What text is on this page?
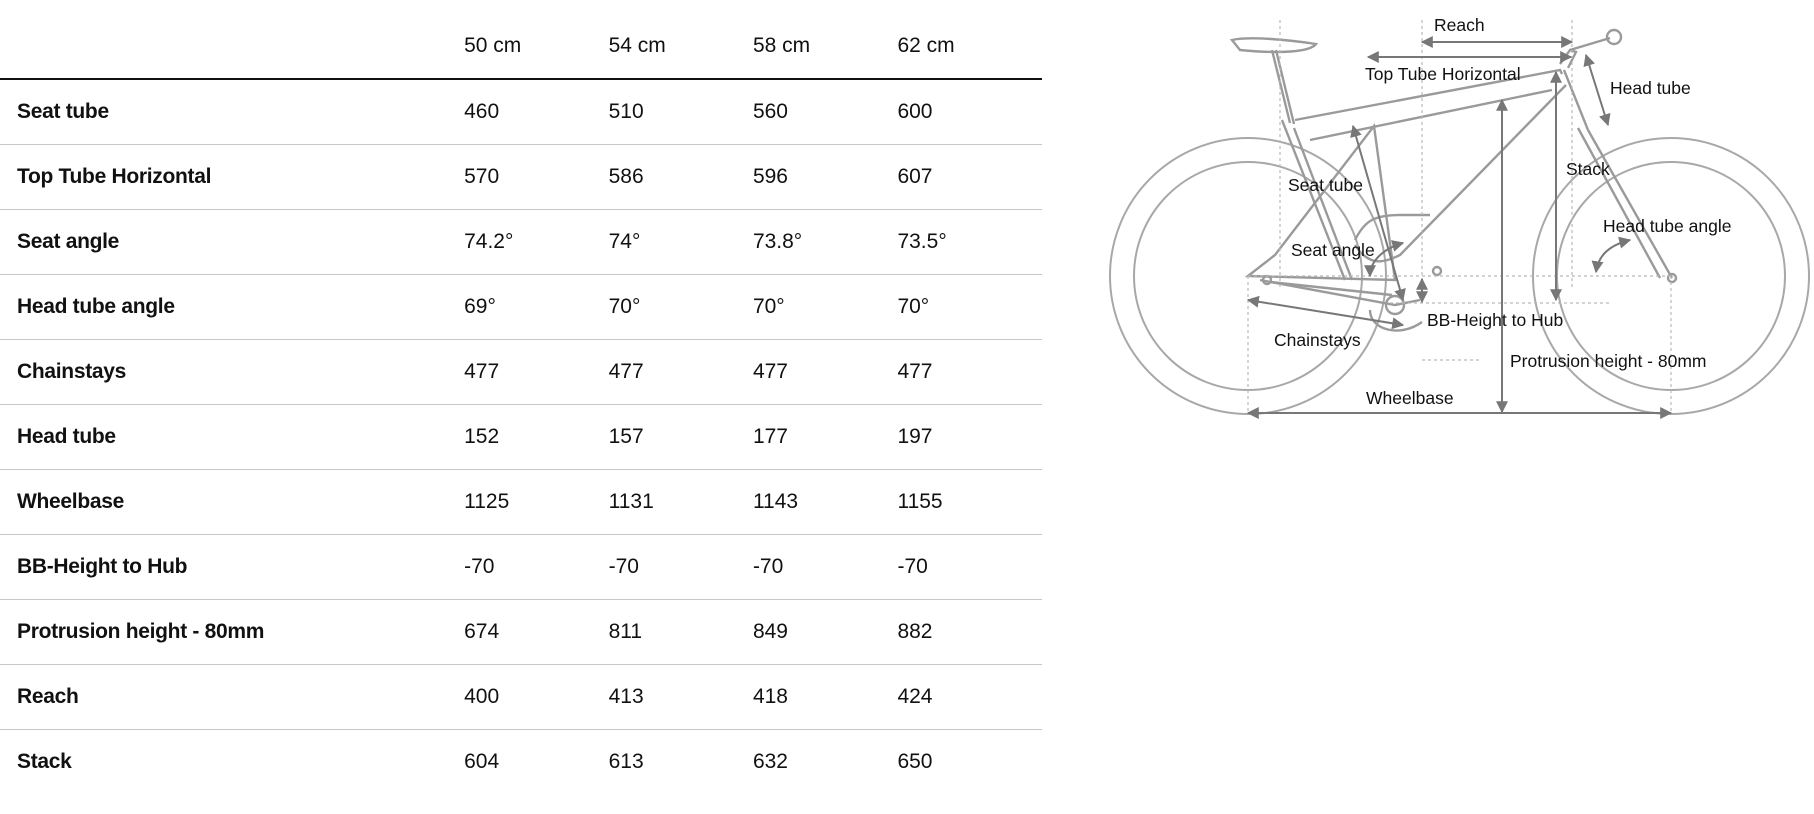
	50 cm	54 cm	58 cm	62 cm
Seat tube	460	510	560	600
Top Tube Horizontal	570	586	596	607
Seat angle	74.2°	74°	73.8°	73.5°
Head tube angle	69°	70°	70°	70°
Chainstays	477	477	477	477
Head tube	152	157	177	197
Wheelbase	1125	1131	1143	1155
BB-Height to Hub	-70	-70	-70	-70
Protrusion height - 80mm	674	811	849	882
Reach	400	413	418	424
Stack	604	613	632	650
Reach
Top Tube Horizontal
Head tube
Seat tube
Stack
Head tube angle
Seat angle
BB-Height to Hub
Chainstays
Protrusion height - 80mm
Wheelbase
